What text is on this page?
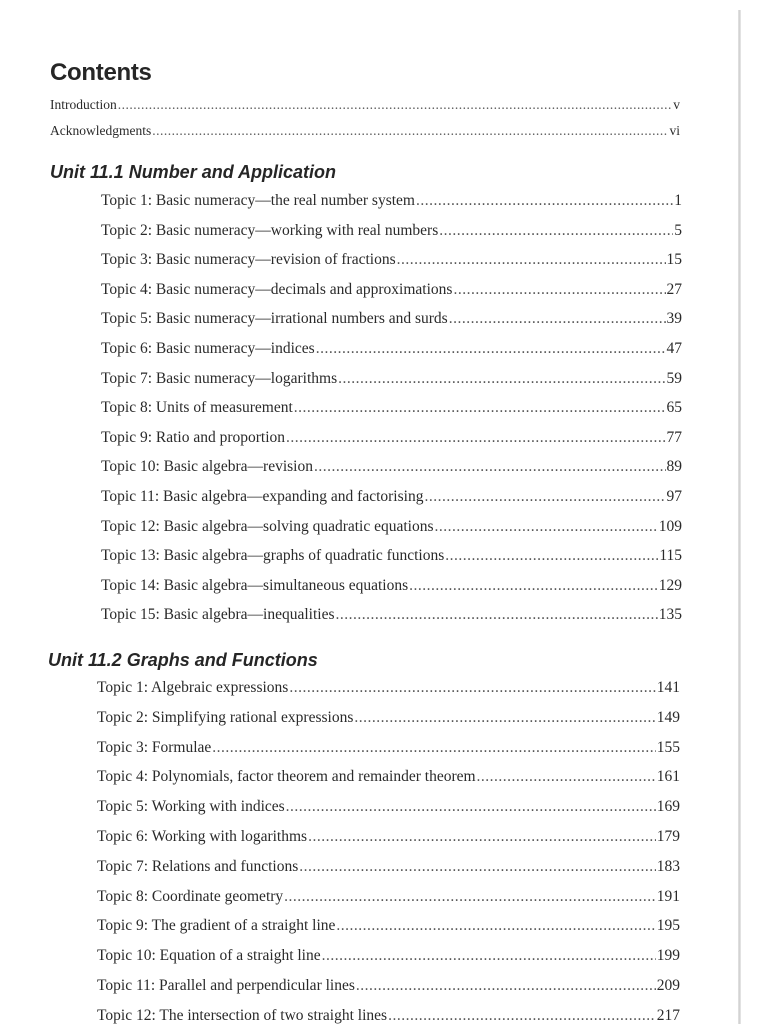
Contents
Introduction .....	v
Acknowledgments .....	vi
Unit 11.1 Number and Application
Topic 1: Basic numeracy—the real number system .....	1
Topic 2: Basic numeracy—working with real numbers .....	5
Topic 3: Basic numeracy—revision of fractions .....	15
Topic 4: Basic numeracy—decimals and approximations .....	27
Topic 5: Basic numeracy—irrational numbers and surds .....	39
Topic 6: Basic numeracy—indices .....	47
Topic 7: Basic numeracy—logarithms .....	59
Topic 8: Units of measurement .....	65
Topic 9: Ratio and proportion .....	77
Topic 10: Basic algebra—revision .....	89
Topic 11: Basic algebra—expanding and factorising .....	97
Topic 12: Basic algebra—solving quadratic equations .....	109
Topic 13: Basic algebra—graphs of quadratic functions .....	115
Topic 14: Basic algebra—simultaneous equations .....	129
Topic 15: Basic algebra—inequalities .....	135
Unit 11.2 Graphs and Functions
Topic 1: Algebraic expressions .....	141
Topic 2: Simplifying rational expressions .....	149
Topic 3: Formulae .....	155
Topic 4: Polynomials, factor theorem and remainder theorem .....	161
Topic 5: Working with indices .....	169
Topic 6: Working with logarithms .....	179
Topic 7: Relations and functions .....	183
Topic 8: Coordinate geometry .....	191
Topic 9: The gradient of a straight line .....	195
Topic 10: Equation of a straight line .....	199
Topic 11: Parallel and perpendicular lines .....	209
Topic 12: The intersection of two straight lines .....	217
